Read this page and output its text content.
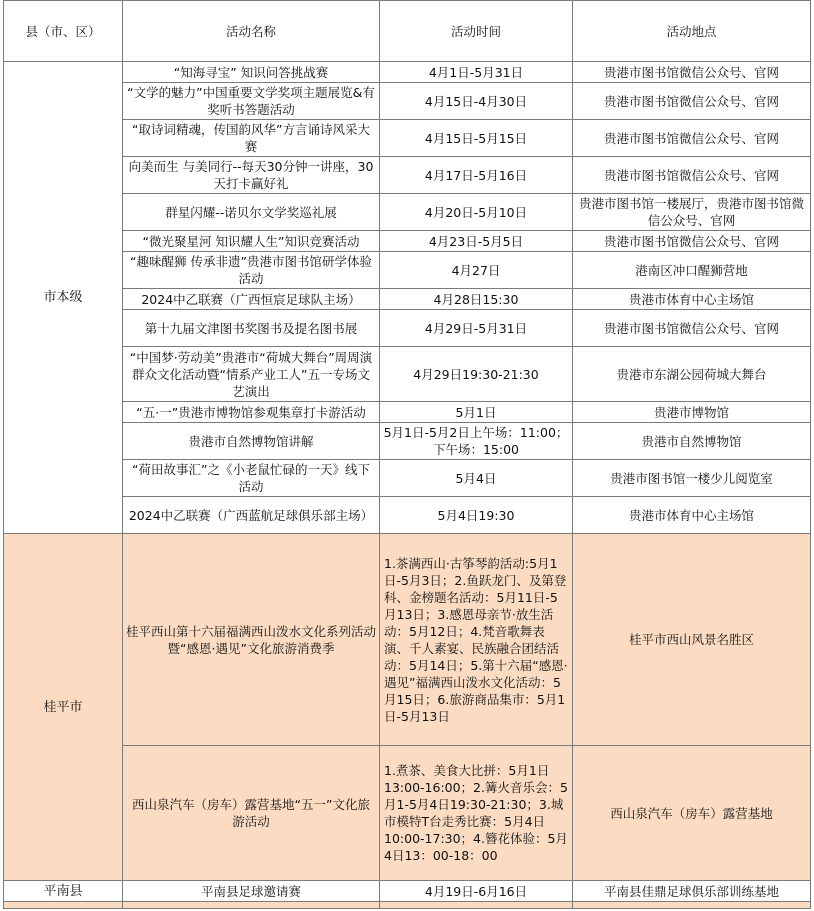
县（市、区）	活动名称	活动时间	活动地点
市本级	“知海寻宝” 知识问答挑战赛	4月1日-5月31日	贵港市图书馆微信公众号、官网
	“文学的魅力”中国重要文学奖项主题展览&有奖听书答题活动	4月15日-4月30日	贵港市图书馆微信公众号、官网
	“取诗词精魂，传国韵风华”方言诵诗风采大赛	4月15日-5月15日	贵港市图书馆微信公众号、官网
	向美而生 与美同行--每天30分钟一讲座，30天打卡赢好礼	4月17日-5月16日	贵港市图书馆微信公众号、官网
	群星闪耀--诺贝尔文学奖巡礼展	4月20日-5月10日	贵港市图书馆一楼展厅，贵港市图书馆微信公众号、官网
	“微光聚星河 知识耀人生”知识竞赛活动	4月23日-5月5日	贵港市图书馆微信公众号、官网
	“趣味醒狮 传承非遗”贵港市图书馆研学体验活动	4月27日	港南区冲口醒狮营地
	2024中乙联赛（广西恒宸足球队主场）	4月28日15:30	贵港市体育中心主场馆
	第十九届文津图书奖图书及提名图书展	4月29日-5月31日	贵港市图书馆微信公众号、官网
	“中国梦·劳动美”贵港市“荷城大舞台”周周演群众文化活动暨“情系产业工人”五一专场文艺演出	4月29日19:30-21:30	贵港市东湖公园荷城大舞台
	“五·一”贵港市博物馆参观集章打卡游活动	5月1日	贵港市博物馆
	贵港市自然博物馆讲解	5月1日-5月2日上午场：11:00；下午场：15:00	贵港市自然博物馆
	“荷田故事汇”之《小老鼠忙碌的一天》线下活动	5月4日	贵港市图书馆一楼少儿阅览室
	2024中乙联赛（广西蓝航足球俱乐部主场）	5月4日19:30	贵港市体育中心主场馆
桂平市	桂平西山第十六届福满西山泼水文化系列活动暨“感恩·遇见”文化旅游消费季	1.茶满西山·古筝琴韵活动:5月1日-5月3日；2.鱼跃龙门、及第登科、金榜题名活动：5月11日-5月13日；3.感恩母亲节·放生活动：5月12日；4.梵音歌舞表演、千人素宴、民族融合团结活动：5月14日；5.第十六届“感恩·遇见”福满西山泼水文化活动：5月15日；6.旅游商品集市：5月1日-5月13日	桂平市西山风景名胜区
	西山泉汽车（房车）露营基地“五一”文化旅游活动	1.煮茶、美食大比拼：5月1日13:00-16:00；2.篝火音乐会：5月1-5月4日19:30-21:30；3.城市模特T台走秀比赛：5月4日10:00-17:30；4.簪花体验：5月4日13：00-18：00	西山泉汽车（房车）露营基地
平南县	平南县足球邀请赛	4月19日-6月16日	平南县佳鼎足球俱乐部训练基地
